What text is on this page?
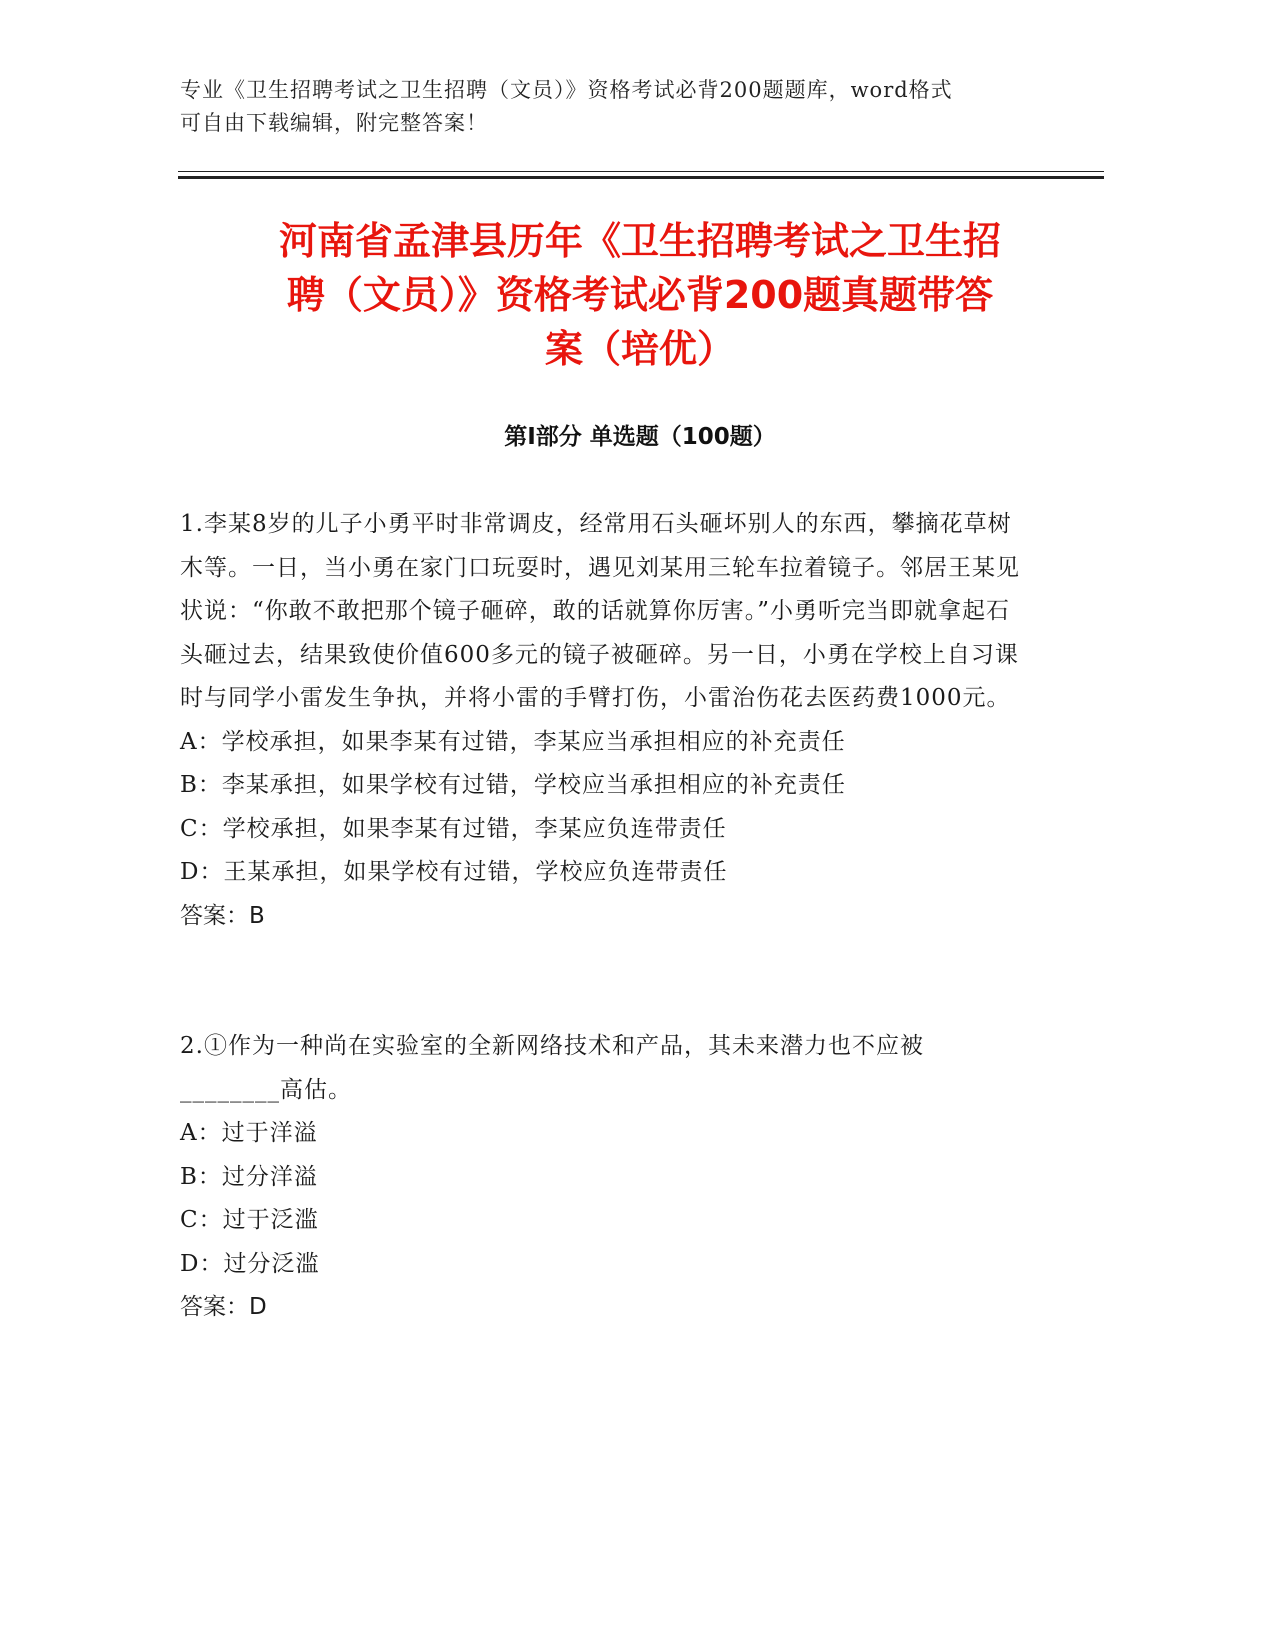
专业《卫生招聘考试之卫生招聘（文员）》资格考试必背200题题库，word格式
可自由下载编辑，附完整答案！
河南省孟津县历年《卫生招聘考试之卫生招
聘（文员）》资格考试必背200题真题带答
案（培优）
第Ⅰ部分 单选题（100题）
1.李某8岁的儿子小勇平时非常调皮，经常用石头砸坏别人的东西，攀摘花草树木等。一日，当小勇在家门口玩耍时，遇见刘某用三轮车拉着镜子。邻居王某见状说：“你敢不敢把那个镜子砸碎，敢的话就算你厉害。”小勇听完当即就拿起石头砸过去，结果致使价值600多元的镜子被砸碎。另一日，小勇在学校上自习课时与同学小雷发生争执，并将小雷的手臂打伤，小雷治伤花去医药费1000元。
A：学校承担，如果李某有过错，李某应当承担相应的补充责任
B：李某承担，如果学校有过错，学校应当承担相应的补充责任
C：学校承担，如果李某有过错，李某应负连带责任
D：王某承担，如果学校有过错，学校应负连带责任
答案：B
2.①作为一种尚在实验室的全新网络技术和产品，其未来潜力也不应被________高估。
A：过于洋溢
B：过分洋溢
C：过于泛滥
D：过分泛滥
答案：D
